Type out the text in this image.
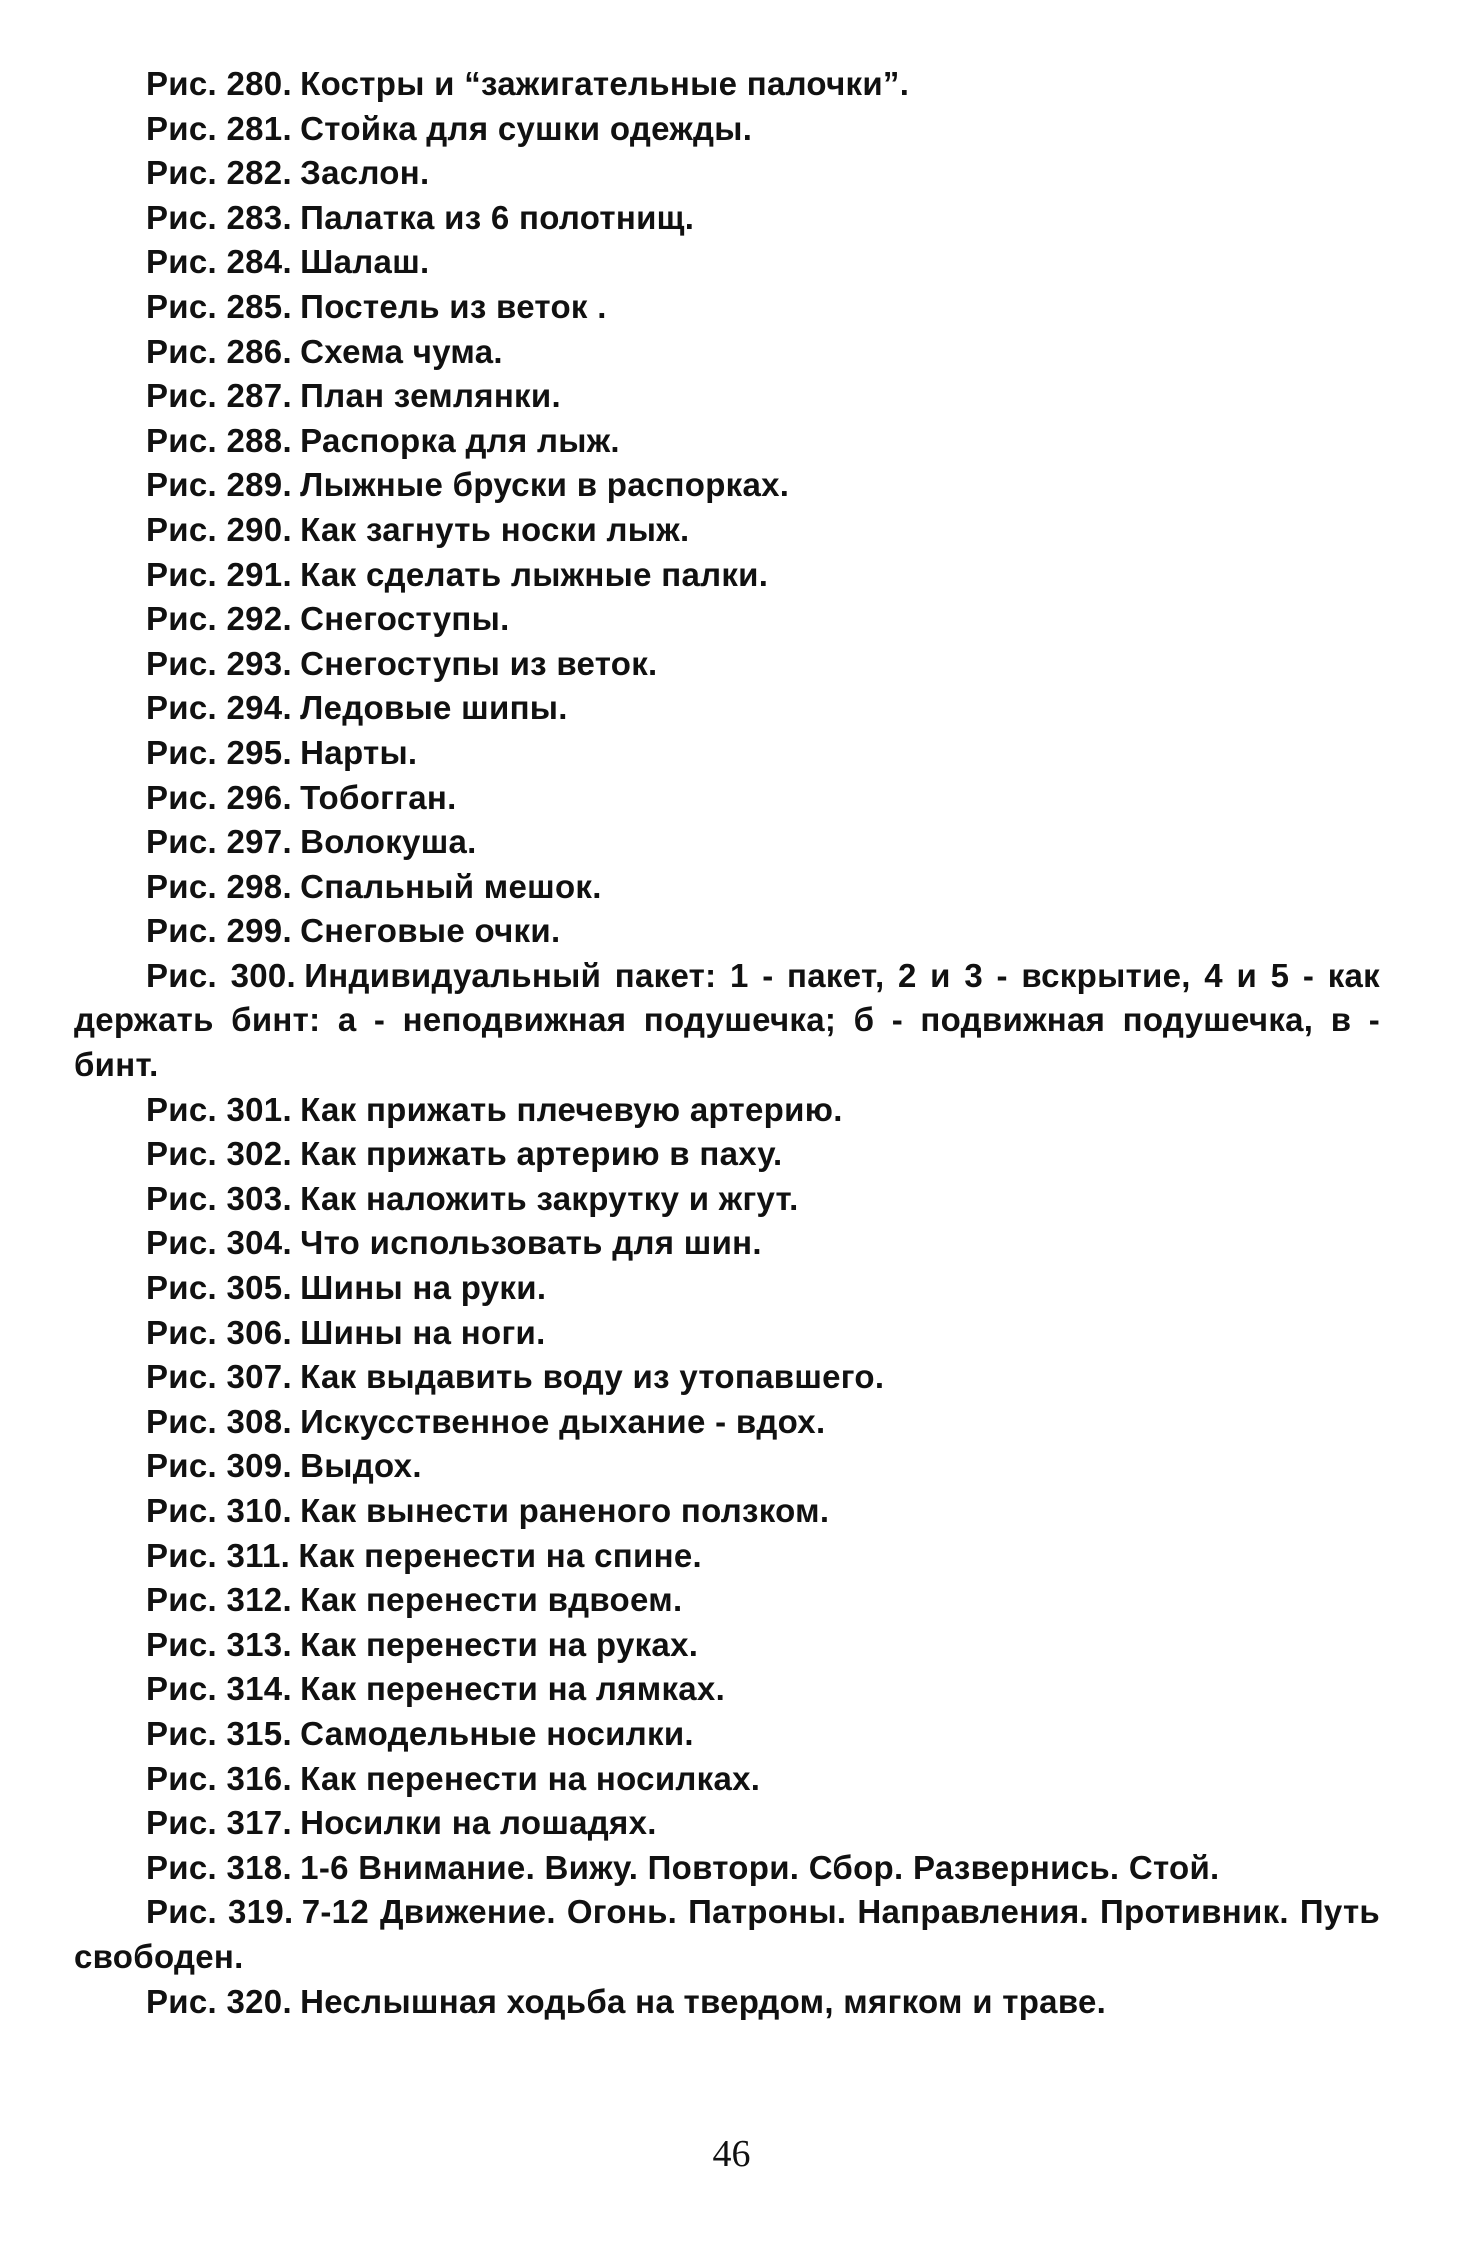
Рис. 280. Костры и “зажигательные палочки”.

Рис. 281. Стойка для сушки одежды.

Рис. 282. Заслон.

Рис. 283. Палатка из 6 полотнищ.

Рис. 284. Шалаш.

Рис. 285. Постель из веток .

Рис. 286. Схема чума.

Рис. 287. План землянки.

Рис. 288. Распорка для лыж.

Рис. 289. Лыжные бруски в распорках.

Рис. 290. Как загнуть носки лыж.

Рис. 291. Как сделать лыжные палки.

Рис. 292. Снегоступы.

Рис. 293. Снегоступы из веток.

Рис. 294. Ледовые шипы.

Рис. 295. Нарты.

Рис. 296. Тобогган.

Рис. 297. Волокуша.

Рис. 298. Спальный мешок.

Рис. 299. Снеговые очки.

Рис. 300. Индивидуальный пакет: 1 - пакет, 2 и 3 - вскрытие, 4 и 5 - как держать бинт: а - неподвижная подушечка; б - подвижная подушечка, в - бинт.

Рис. 301. Как прижать плечевую артерию.

Рис. 302. Как прижать артерию в паху.

Рис. 303. Как наложить закрутку и жгут.

Рис. 304. Что использовать для шин.

Рис. 305. Шины на руки.

Рис. 306. Шины на ноги.

Рис. 307. Как выдавить воду из утопавшего.

Рис. 308. Искусственное дыхание - вдох.

Рис. 309. Выдох.

Рис. 310. Как вынести раненого ползком.

Рис. 311. Как перенести на спине.

Рис. 312. Как перенести вдвоем.

Рис. 313. Как перенести на руках.

Рис. 314. Как перенести на лямках.

Рис. 315. Самодельные носилки.

Рис. 316. Как перенести на носилках.

Рис. 317. Носилки на лошадях.

Рис. 318. 1-6 Внимание. Вижу. Повтори. Сбор. Развернись. Стой.

Рис. 319. 7-12 Движение. Огонь. Патроны. Направления. Противник. Путь свободен.

Рис. 320. Неслышная ходьба на твердом, мягком и траве.

46
